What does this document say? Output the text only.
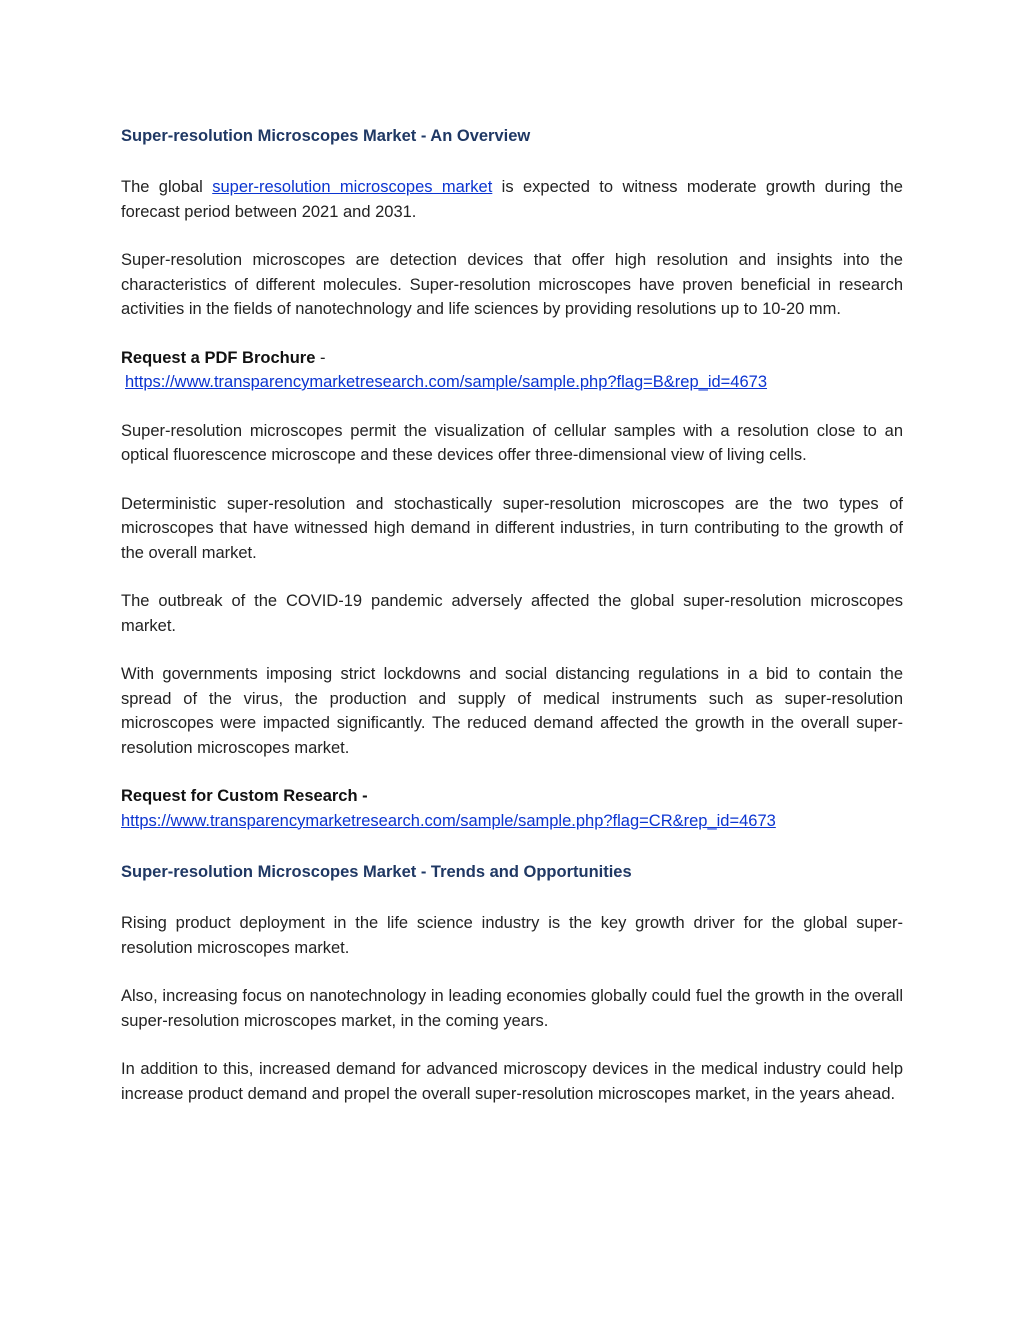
Super-resolution Microscopes Market - An Overview

The global super-resolution microscopes market is expected to witness moderate growth during the forecast period between 2021 and 2031.

Super-resolution microscopes are detection devices that offer high resolution and insights into the characteristics of different molecules. Super-resolution microscopes have proven beneficial in research activities in the fields of nanotechnology and life sciences by providing resolutions up to 10-20 mm.

Request a PDF Brochure -

https://www.transparencymarketresearch.com/sample/sample.php?flag=B&rep_id=4673

Super-resolution microscopes permit the visualization of cellular samples with a resolution close to an optical fluorescence microscope and these devices offer three-dimensional view of living cells.

Deterministic super-resolution and stochastically super-resolution microscopes are the two types of microscopes that have witnessed high demand in different industries, in turn contributing to the growth of the overall market.

The outbreak of the COVID-19 pandemic adversely affected the global super-resolution microscopes market.

With governments imposing strict lockdowns and social distancing regulations in a bid to contain the spread of the virus, the production and supply of medical instruments such as super-resolution microscopes were impacted significantly. The reduced demand affected the growth in the overall super-resolution microscopes market.

Request for Custom Research -

https://www.transparencymarketresearch.com/sample/sample.php?flag=CR&rep_id=4673

Super-resolution Microscopes Market - Trends and Opportunities

Rising product deployment in the life science industry is the key growth driver for the global super-resolution microscopes market.

Also, increasing focus on nanotechnology in leading economies globally could fuel the growth in the overall super-resolution microscopes market, in the coming years.

In addition to this, increased demand for advanced microscopy devices in the medical industry could help increase product demand and propel the overall super-resolution microscopes market, in the years ahead.
